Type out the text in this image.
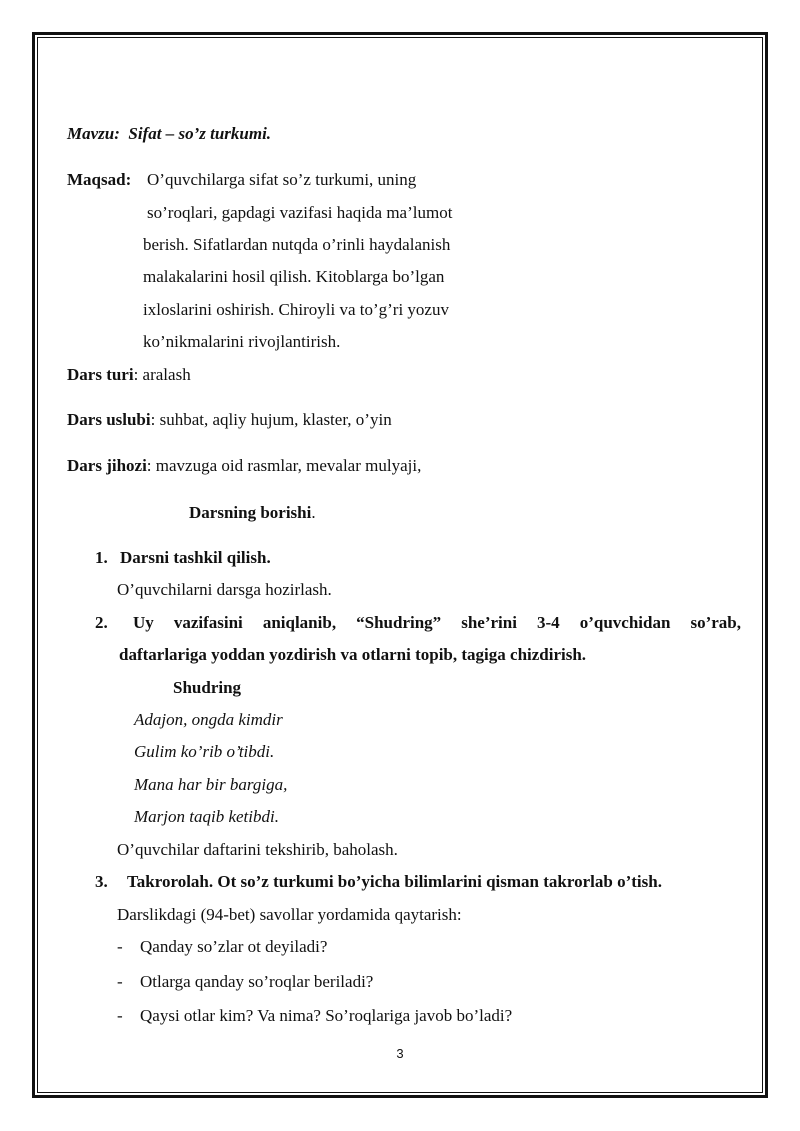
Mavzu: Sifat – so’z turkumi.
Maqsad: O’quvchilarga sifat so’z turkumi, uning
so’roqlari, gapdagi vazifasi haqida ma’lumot
berish. Sifatlardan nutqda o’rinli haydalanish
malakalarini hosil qilish. Kitoblarga bo’lgan
ixloslarini oshirish. Chiroyli va to’g’ri yozuv
ko’nikmalarini rivojlantirish.
Dars turi: aralash
Dars uslubi: suhbat, aqliy hujum, klaster, o’yin
Dars jihozi: mavzuga oid rasmlar, mevalar mulyaji,
Darsning borishi.
1. Darsni tashkil qilish.
O’quvchilarni darsga hozirlash.
2. Uy vazifasini aniqlanib, “Shudring” she’rini 3-4 o’quvchidan so’rab,
daftarlariga yoddan yozdirish va otlarni topib, tagiga chizdirish.
Shudring
Adajon, ongda kimdir
Gulim ko’rib o’tibdi.
Mana har bir bargiga,
Marjon taqib ketibdi.
O’quvchilar daftarini tekshirib, baholash.
3. Takrorolah. Ot so’z turkumi bo’yicha bilimlarini qisman takrorlab o’tish.
Darslikdagi (94-bet) savollar yordamida qaytarish:
- Qanday so’zlar ot deyiladi?
- Otlarga qanday so’roqlar beriladi?
- Qaysi otlar kim? Va nima? So’roqlariga javob bo’ladi?
3
